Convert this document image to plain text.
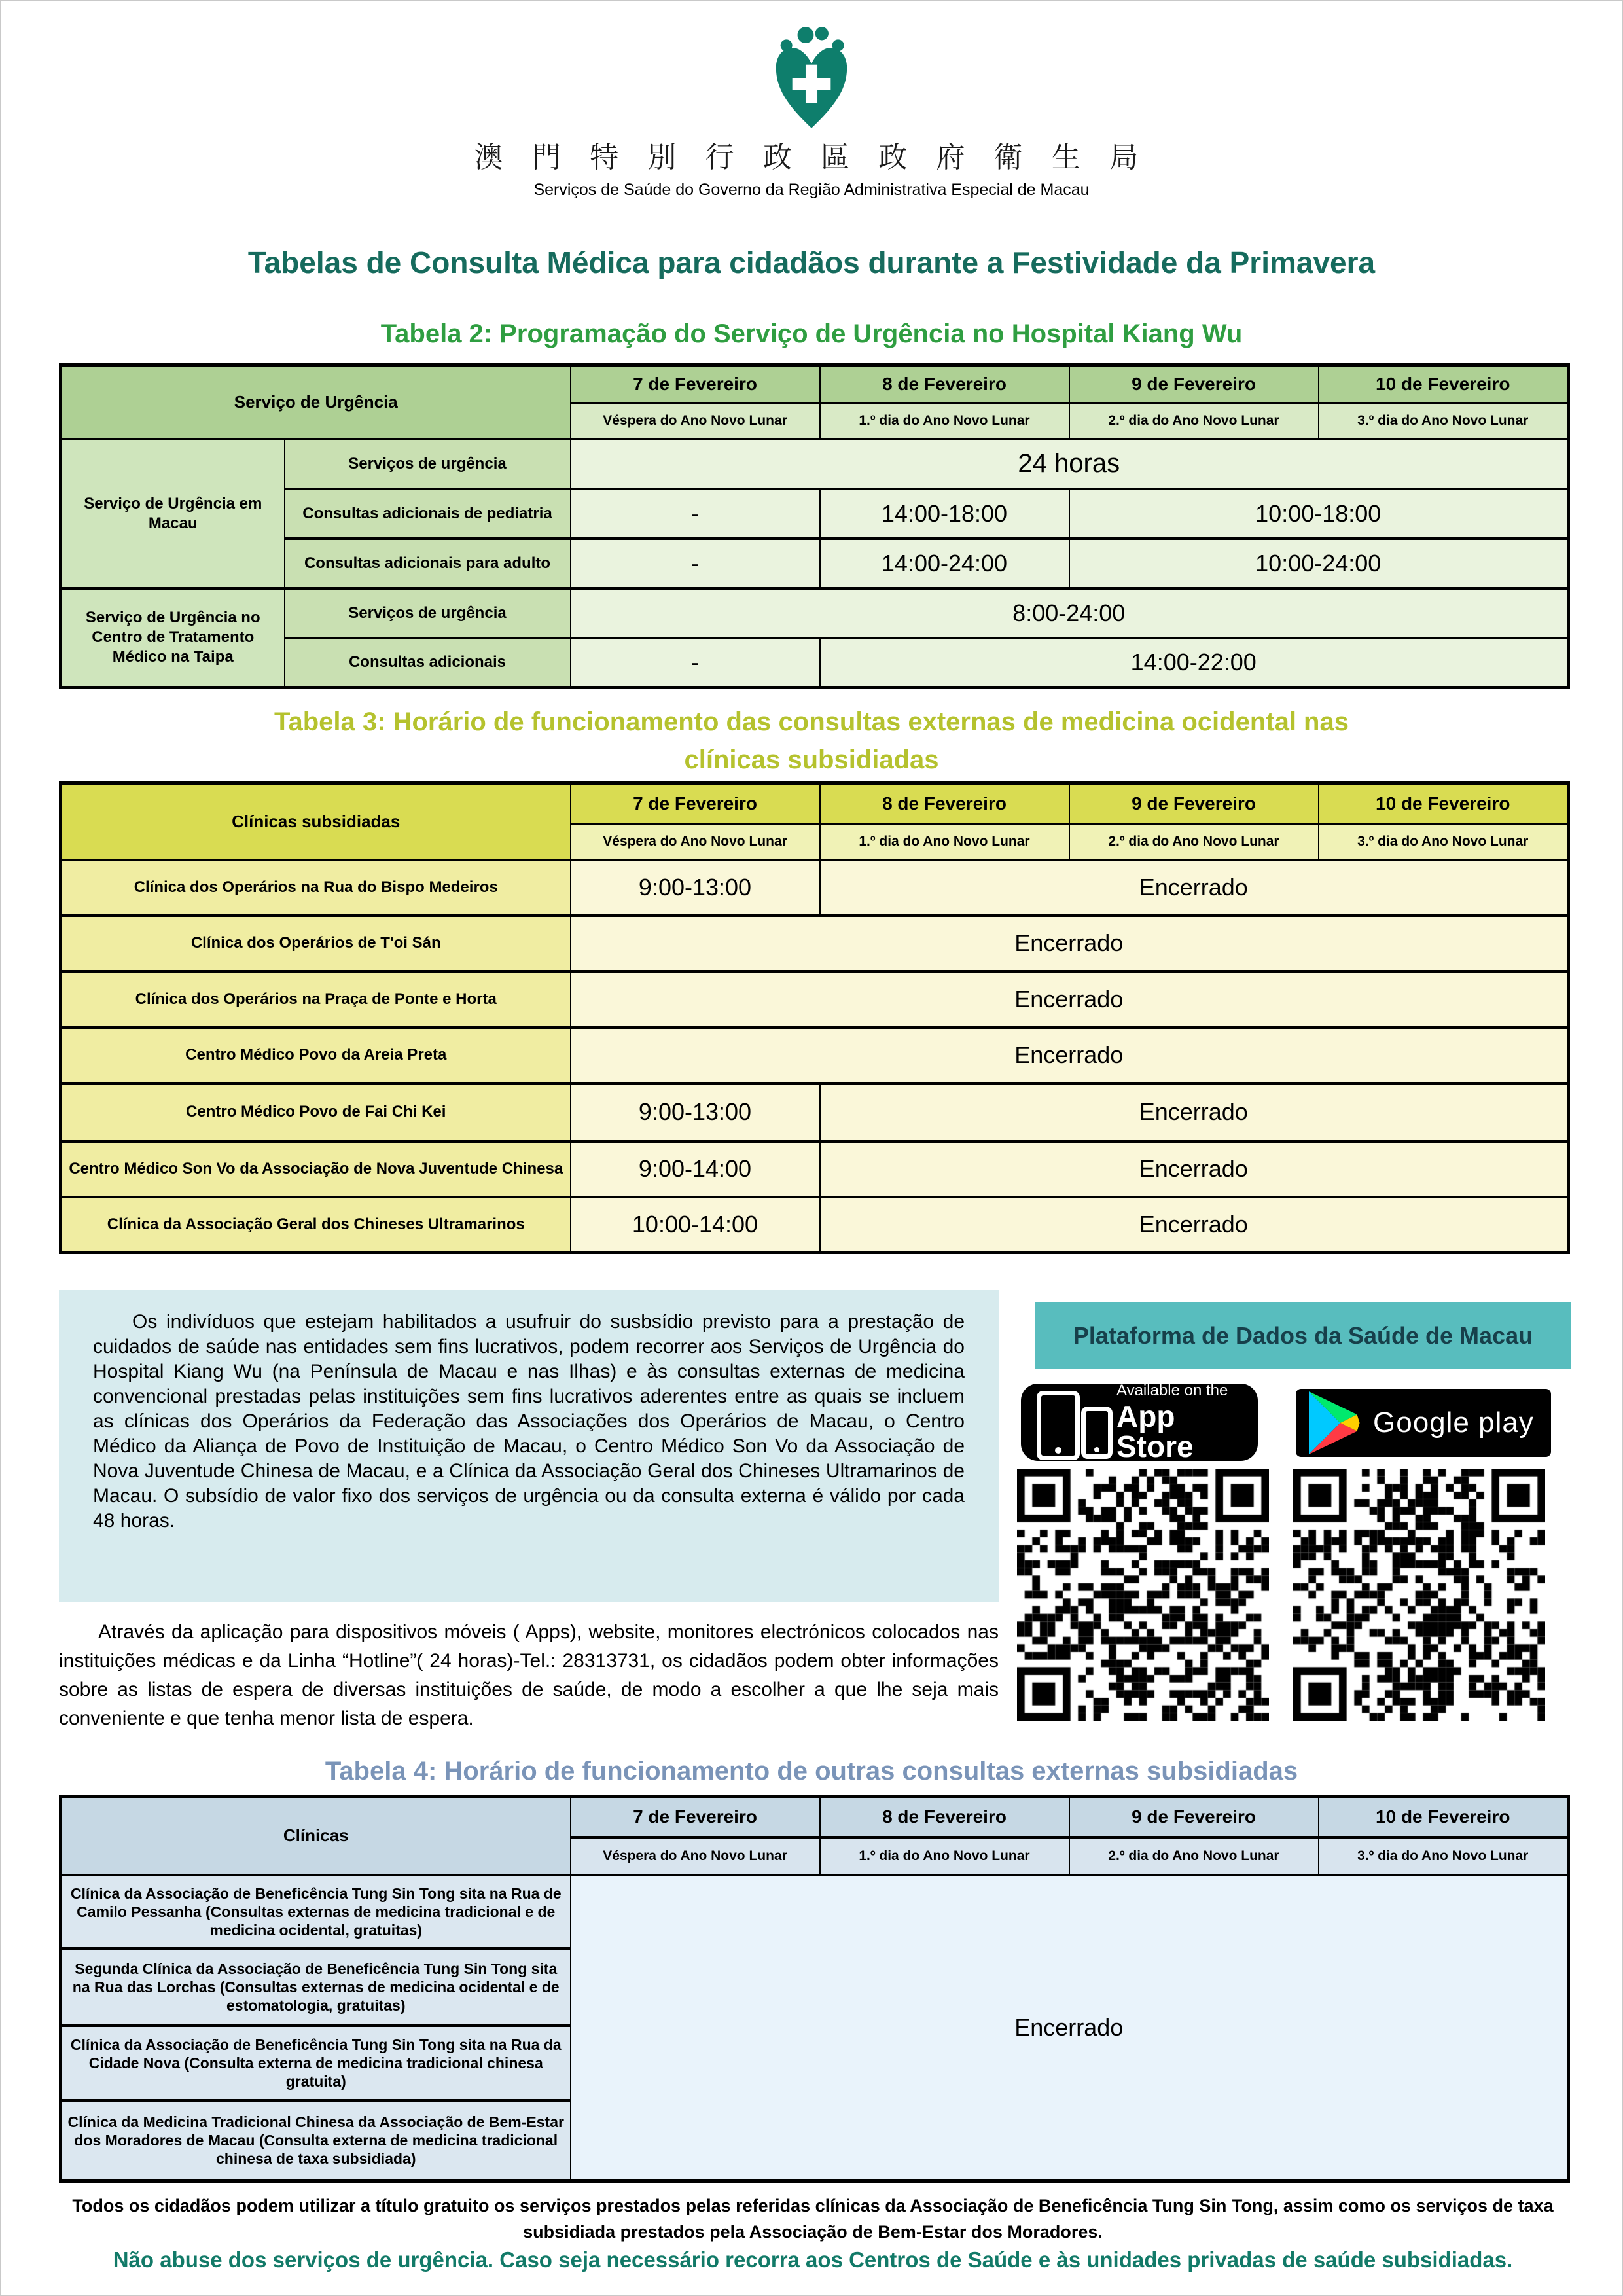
澳 門 特 別 行 政 區 政 府 衛 生 局
Serviços de Saúde do Governo da Região Administrativa Especial de Macau
Tabelas de Consulta Médica para cidadãos durante a Festividade da Primavera
Tabela 2: Programação do Serviço de Urgência no Hospital Kiang Wu
Serviço de Urgência		7 de Fevereiro	8 de Fevereiro	9 de Fevereiro	10 de Fevereiro
		Véspera do Ano Novo Lunar	1.º dia do Ano Novo Lunar	2.º dia do Ano Novo Lunar	3.º dia do Ano Novo Lunar
Serviço de Urgência em Macau	Serviços de urgência	24 horas			
	Consultas adicionais de pediatria	-	14:00-18:00	10:00-18:00	
	Consultas adicionais para adulto	-	14:00-24:00	10:00-24:00	
Serviço de Urgência no Centro de Tratamento Médico na Taipa	Serviços de urgência	8:00-24:00			
	Consultas adicionais	-	14:00-22:00		
Tabela 3: Horário de funcionamento das consultas externas de medicina ocidental nas
clínicas subsidiadas
Clínicas subsidiadas	7 de Fevereiro	8 de Fevereiro	9 de Fevereiro	10 de Fevereiro
	Véspera do Ano Novo Lunar	1.º dia do Ano Novo Lunar	2.º dia do Ano Novo Lunar	3.º dia do Ano Novo Lunar
Clínica dos Operários na Rua do Bispo Medeiros	9:00-13:00	Encerrado		
Clínica dos Operários de T'oi Sán	Encerrado			
Clínica dos Operários na Praça de Ponte e Horta	Encerrado			
Centro Médico Povo da Areia Preta	Encerrado			
Centro Médico Povo de Fai Chi Kei	9:00-13:00	Encerrado		
Centro Médico Son Vo da Associação de Nova Juventude Chinesa	9:00-14:00	Encerrado		
Clínica da Associação Geral dos Chineses Ultramarinos	10:00-14:00	Encerrado		

Os indivíduos que estejam habilitados a usufruir do susbsídio previsto para a prestação de cuidados de saúde nas entidades sem fins lucrativos, podem recorrer aos Serviços de Urgência do Hospital Kiang Wu (na Península de Macau e nas Ilhas) e às consultas externas de medicina convencional prestadas pelas instituições sem fins lucrativos aderentes entre as quais se incluem as clínicas dos Operários da Federação das Associações dos Operários de Macau, o Centro Médico da Aliança de Povo de Instituição de Macau, o Centro Médico Son Vo da Associação de Nova Juventude Chinesa de Macau, e a Clínica da Associação Geral dos Chineses Ultramarinos de Macau. O subsídio de valor fixo dos serviços de urgência ou da consulta externa é válido por cada 48 horas.

Através da aplicação para dispositivos móveis ( Apps), website, monitores electrónicos colocados nas instituições médicas e da Linha “Hotline”( 24 horas)-Tel.: 28313731, os cidadãos podem obter informações sobre as listas de espera de diversas instituições de saúde, de modo a escolher a que lhe seja mais conveniente e que tenha menor lista de espera.

Plataforma de Dados da Saúde de Macau
Available on the
App Store
Google play
Tabela 4: Horário de funcionamento de outras consultas externas subsidiadas
Clínicas	7 de Fevereiro	8 de Fevereiro	9 de Fevereiro	10 de Fevereiro
	Véspera do Ano Novo Lunar	1.º dia do Ano Novo Lunar	2.º dia do Ano Novo Lunar	3.º dia do Ano Novo Lunar
Clínica da Associação de Beneficência Tung Sin Tong sita na Rua de Camilo Pessanha (Consultas externas de medicina tradicional e de medicina ocidental, gratuitas)	Encerrado			
Segunda Clínica da Associação de Beneficência Tung Sin Tong sita na Rua das Lorchas (Consultas externas de medicina ocidental e de estomatologia, gratuitas)				
Clínica da Associação de Beneficência Tung Sin Tong sita na Rua da Cidade Nova (Consulta externa de medicina tradicional chinesa gratuita)				
Clínica da Medicina Tradicional Chinesa da Associação de Bem-Estar dos Moradores de Macau (Consulta externa de medicina tradicional chinesa de taxa subsidiada)				
Todos os cidadãos podem utilizar a título gratuito os serviços prestados pelas referidas clínicas da Associação de Beneficência Tung Sin Tong, assim como os serviços de taxa subsidiada prestados pela Associação de Bem-Estar dos Moradores.
Não abuse dos serviços de urgência. Caso seja necessário recorra aos Centros de Saúde e às unidades privadas de saúde subsidiadas.
